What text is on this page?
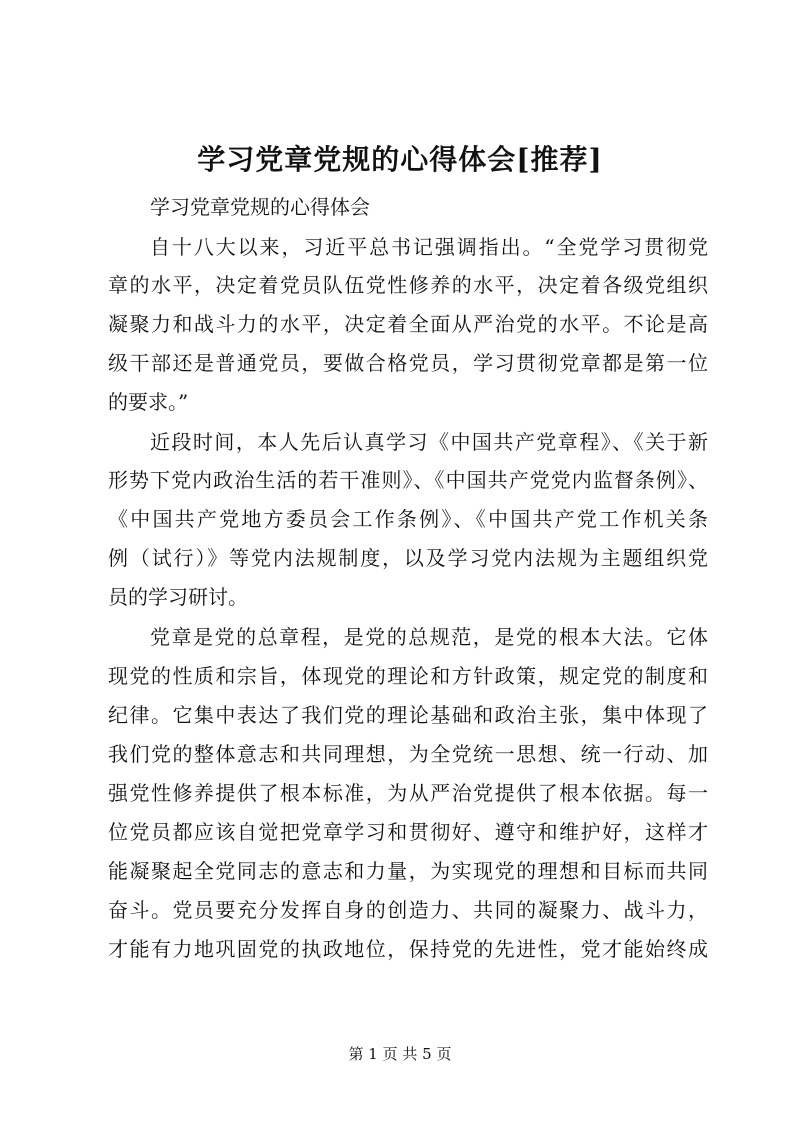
学习党章党规的心得体会[推荐]

学习党章党规的心得体会

自十八大以来，习近平总书记强调指出。“全党学习贯彻党

章的水平，决定着党员队伍党性修养的水平，决定着各级党组织

凝聚力和战斗力的水平，决定着全面从严治党的水平。不论是高

级干部还是普通党员，要做合格党员，学习贯彻党章都是第一位

的要求。”

近段时间，本人先后认真学习《中国共产党章程》、《关于新

形势下党内政治生活的若干准则》、《中国共产党党内监督条例》、

《中国共产党地方委员会工作条例》、《中国共产党工作机关条

例（试行）》等党内法规制度，以及学习党内法规为主题组织党

员的学习研讨。

党章是党的总章程，是党的总规范，是党的根本大法。它体

现党的性质和宗旨，体现党的理论和方针政策，规定党的制度和

纪律。它集中表达了我们党的理论基础和政治主张，集中体现了

我们党的整体意志和共同理想，为全党统一思想、统一行动、加

强党性修养提供了根本标准，为从严治党提供了根本依据。每一

位党员都应该自觉把党章学习和贯彻好、遵守和维护好，这样才

能凝聚起全党同志的意志和力量，为实现党的理想和目标而共同

奋斗。党员要充分发挥自身的创造力、共同的凝聚力、战斗力，

才能有力地巩固党的执政地位，保持党的先进性，党才能始终成

第 1 页 共 5 页
